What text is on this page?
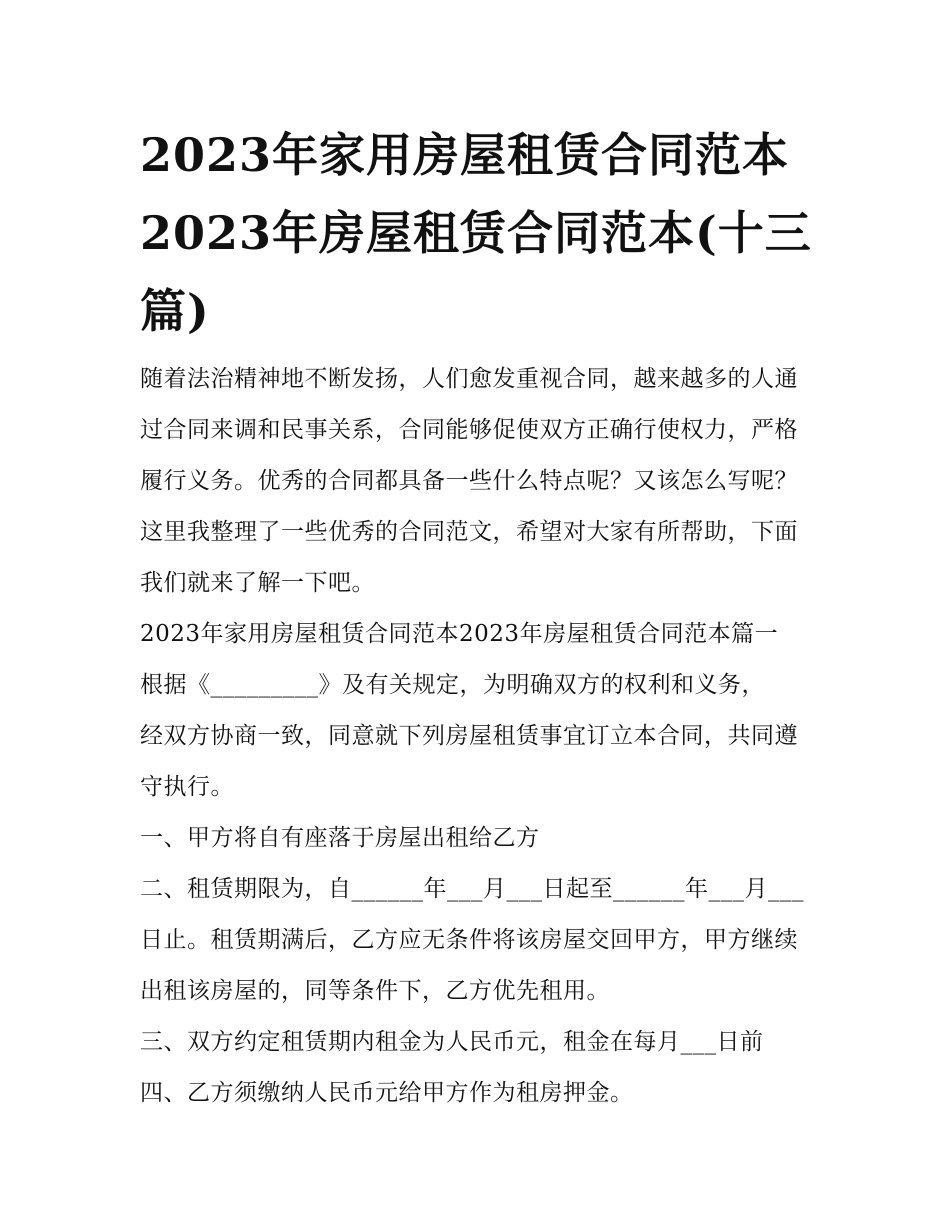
2023年家用房屋租赁合同范本2023年房屋租赁合同范本(十三篇)

随着法治精神地不断发扬，人们愈发重视合同，越来越多的人通过合同来调和民事关系，合同能够促使双方正确行使权力，严格履行义务。优秀的合同都具备一些什么特点呢？又该怎么写呢？这里我整理了一些优秀的合同范文，希望对大家有所帮助，下面我们就来了解一下吧。

2023年家用房屋租赁合同范本2023年房屋租赁合同范本篇一

根据《_________》及有关规定，为明确双方的权利和义务，

经双方协商一致，同意就下列房屋租赁事宜订立本合同，共同遵守执行。

一、甲方将自有座落于房屋出租给乙方

二、租赁期限为，自______年___月___日起至______年___月___日止。租赁期满后，乙方应无条件将该房屋交回甲方，甲方继续出租该房屋的，同等条件下，乙方优先租用。

三、双方约定租赁期内租金为人民币元，租金在每月___日前

四、乙方须缴纳人民币元给甲方作为租房押金。
